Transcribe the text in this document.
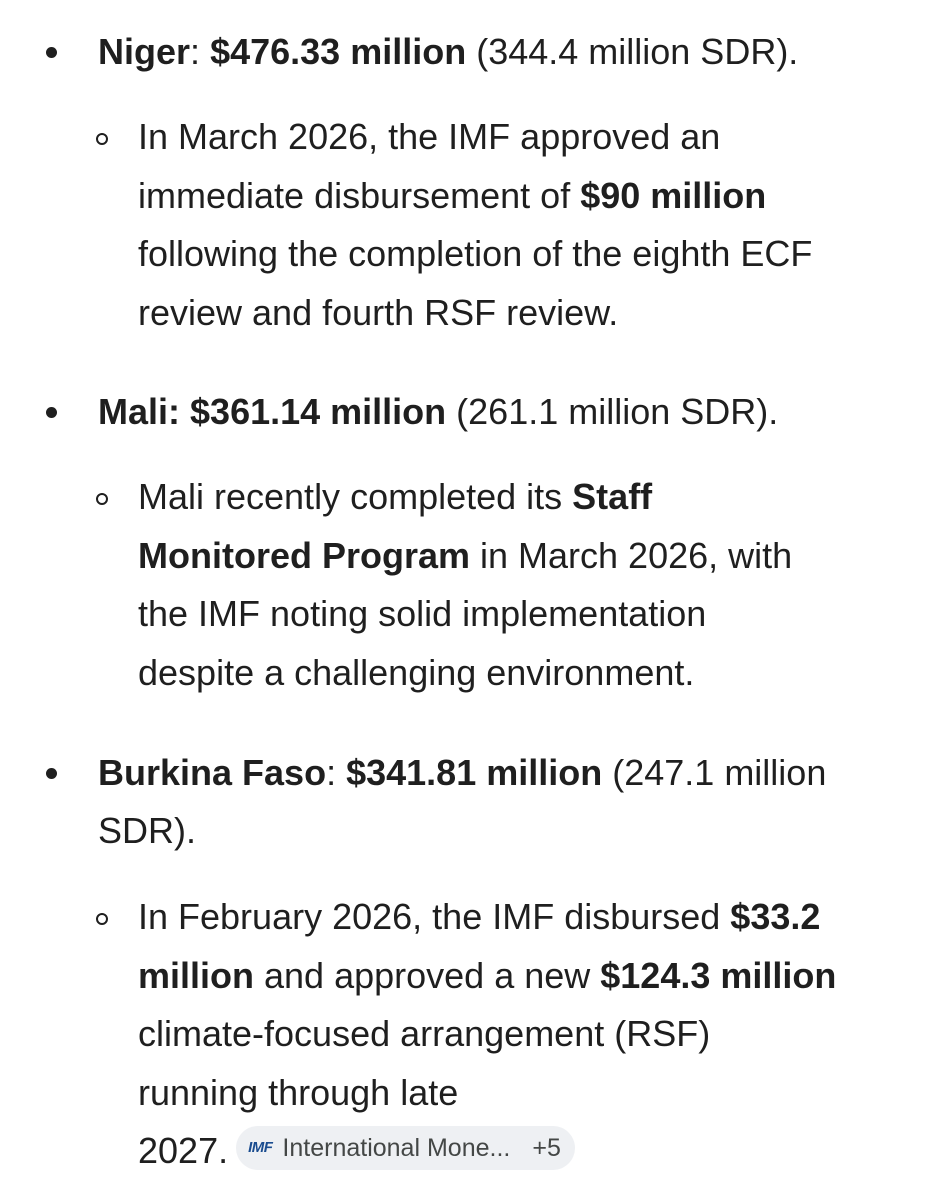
Niger: $476.33 million (344.4 million SDR).
In March 2026, the IMF approved an
immediate disbursement of $90 million
following the completion of the eighth ECF
review and fourth RSF review.
Mali: $361.14 million (261.1 million SDR).
Mali recently completed its Staff
Monitored Program in March 2026, with
the IMF noting solid implementation
despite a challenging environment.
Burkina Faso: $341.81 million (247.1 million
SDR).
In February 2026, the IMF disbursed $33.2
million and approved a new $124.3 million
climate-focused arrangement (RSF)
running through late
2027. IMF International Mone... +5
